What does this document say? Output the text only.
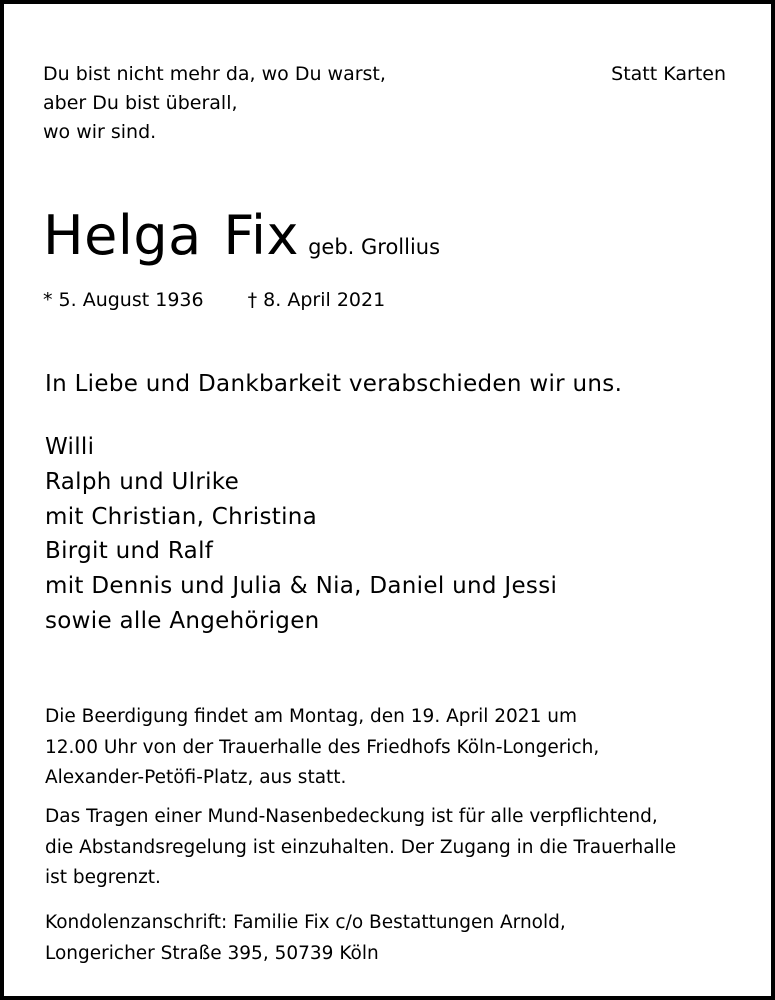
Du bist nicht mehr da, wo Du warst,
aber Du bist überall,
wo wir sind.
Statt Karten
Helga Fix geb. Grollius
* 5. August 1936 † 8. April 2021
In Liebe und Dankbarkeit verabschieden wir uns.
Willi
Ralph und Ulrike
mit Christian, Christina
Birgit und Ralf
mit Dennis und Julia & Nia, Daniel und Jessi
sowie alle Angehörigen
Die Beerdigung findet am Montag, den 19. April 2021 um
12.00 Uhr von der Trauerhalle des Friedhofs Köln-Longerich,
Alexander-Petöfi-Platz, aus statt.
Das Tragen einer Mund-Nasenbedeckung ist für alle verpflichtend,
die Abstandsregelung ist einzuhalten. Der Zugang in die Trauerhalle
ist begrenzt.
Kondolenzanschrift: Familie Fix c/o Bestattungen Arnold,
Longericher Straße 395, 50739 Köln
